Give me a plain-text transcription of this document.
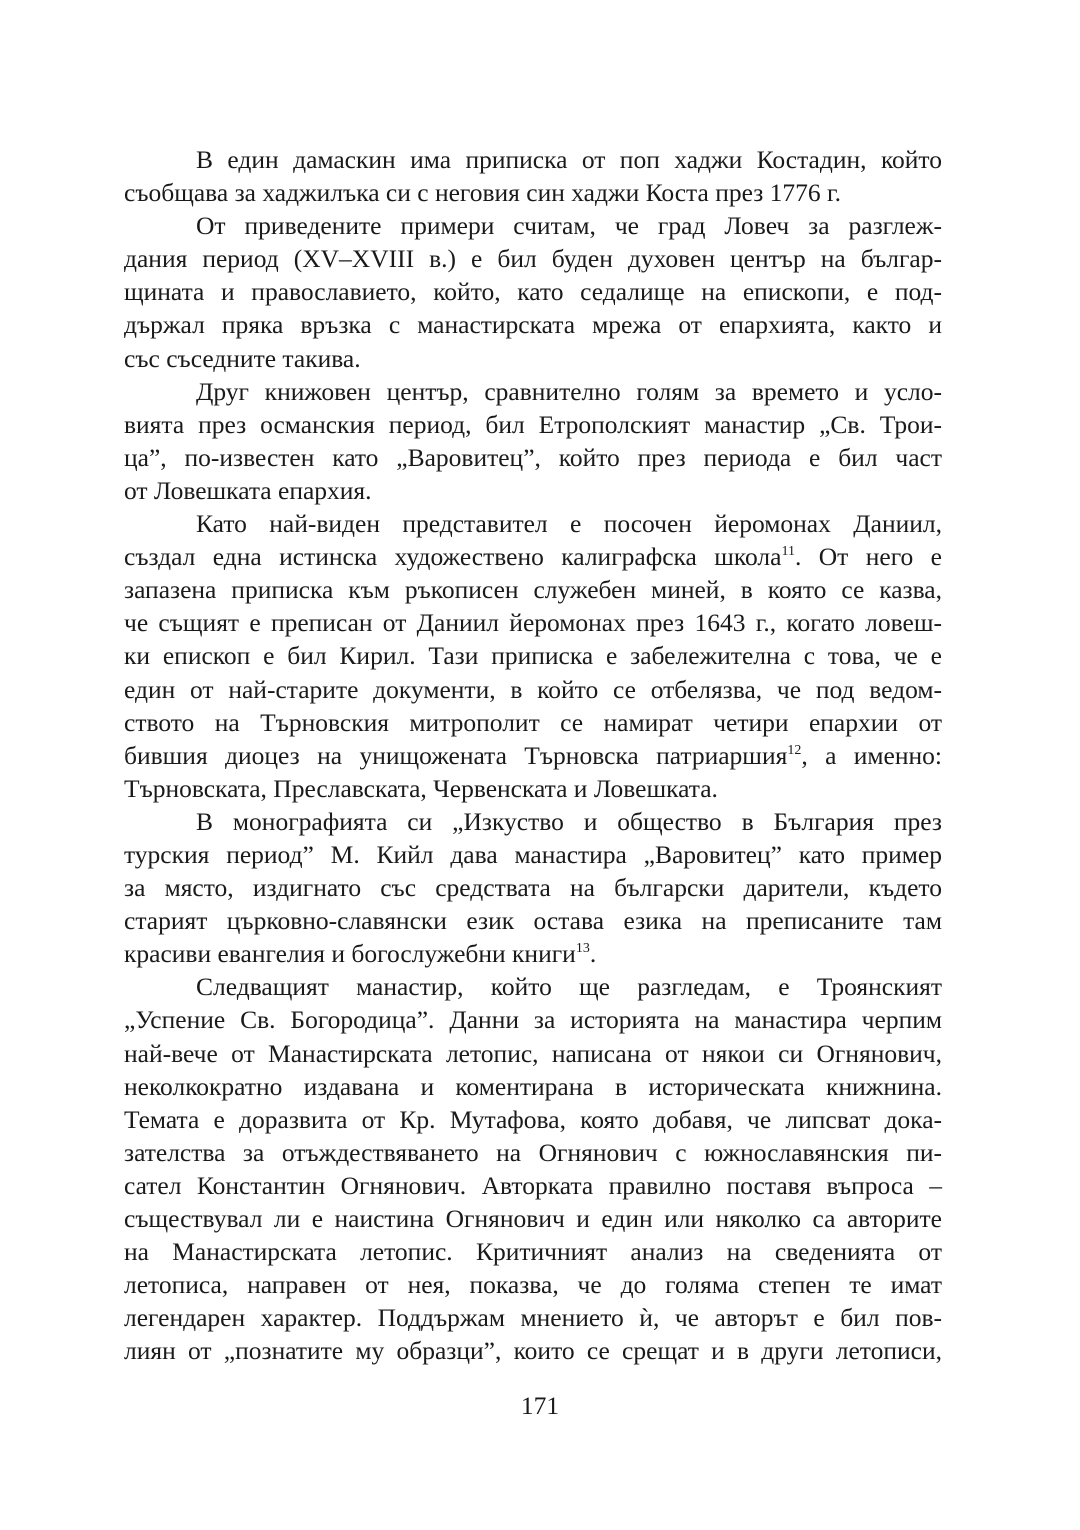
В един дамаскин има приписка от поп хаджи Костадин, който
съобщава за хаджилъка си с неговия син хаджи Коста през 1776 г.
От приведените примери считам, че град Ловеч за разглеж-
дания период (XV–XVIII в.) е бил буден духовен център на българ-
щината и православието, който, като седалище на епископи, е под-
държал пряка връзка с манастирската мрежа от епархията, както и
със съседните такива.
Друг книжовен център, сравнително голям за времето и усло-
вията през османския период, бил Етрополският манастир „Св. Трои-
ца”, по-известен като „Варовитец”, който през периода е бил част
от Ловешката епархия.
Като най-виден представител е посочен йеромонах Даниил,
създал една истинска художествено калиграфска школа$^{11}$. От него е
запазена приписка към ръкописен служебен миней, в която се казва,
че същият е преписан от Даниил йеромонах през 1643 г., когато ловеш-
ки епископ е бил Кирил. Тази приписка е забележителна с това, че е
един от най-старите документи, в който се отбелязва, че под ведом-
ството на Търновския митрополит се намират четири епархии от
бившия диоцез на унищожената Търновска патриаршия$^{12}$, а именно:
Търновската, Преславската, Червенската и Ловешката.
В монографията си „Изкуство и общество в България през
турския период” М. Кийл дава манастира „Варовитец” като пример
за място, издигнато със средствата на български дарители, където
старият църковно-славянски език остава езика на преписаните там
красиви евангелия и богослужебни книги$^{13}$.
Следващият манастир, който ще разгледам, е Троянският
„Успение Св. Богородица”. Данни за историята на манастира черпим
най-вече от Манастирската летопис, написана от някои си Огнянович,
неколкократно издавана и коментирана в историческата книжнина.
Темата е доразвита от Кр. Мутафова, която добавя, че липсват дока-
зателства за отъждествяването на Огнянович с южнославянския пи-
сател Константин Огнянович. Авторката правилно поставя въпроса –
съществувал ли е наистина Огнянович и един или няколко са авторите
на Манастирската летопис. Критичният анализ на сведенията от
летописа, направен от нея, показва, че до голяма степен те имат
легендарен характер. Поддържам мнението ѝ, че авторът е бил пов-
лиян от „познатите му образци”, които се срещат и в други летописи,
171
